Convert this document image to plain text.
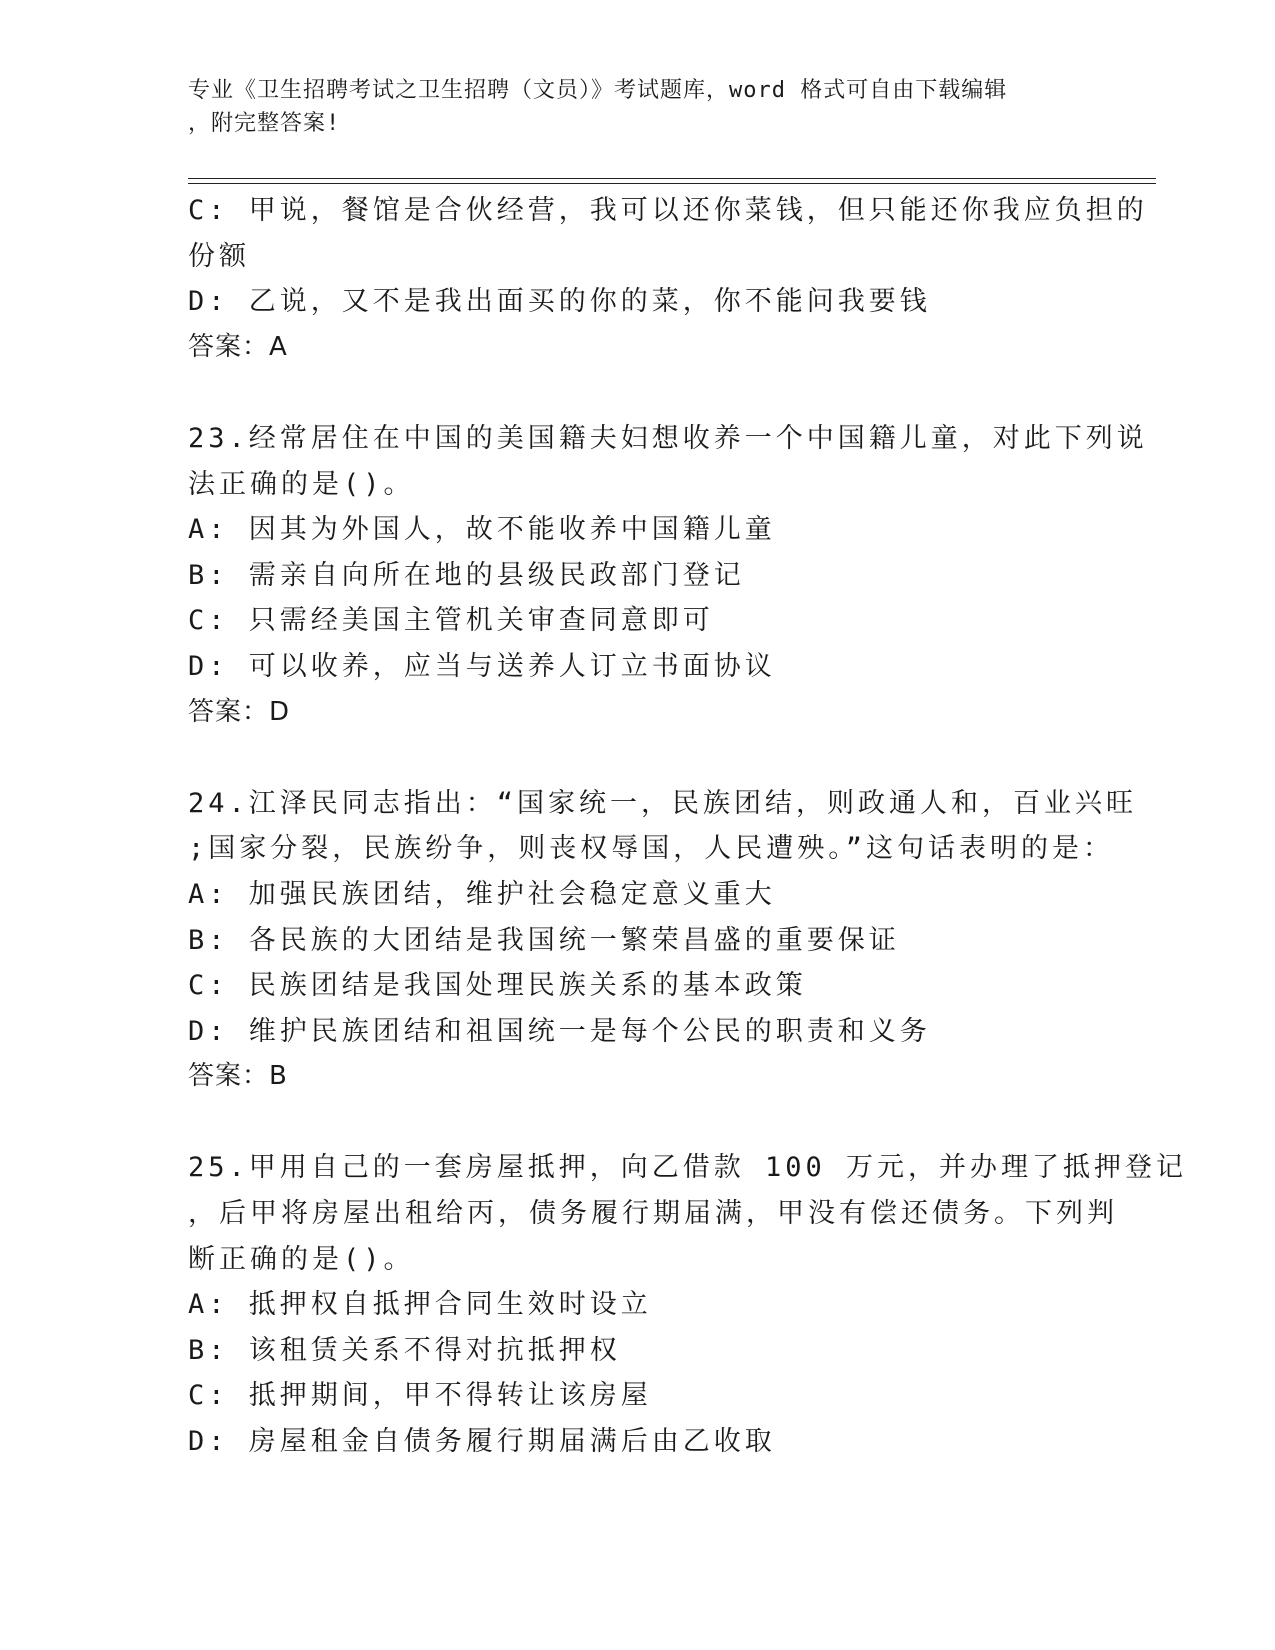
专业《卫生招聘考试之卫生招聘（文员）》考试题库，word 格式可自由下载编辑
，附完整答案!
C: 甲说，餐馆是合伙经营，我可以还你菜钱，但只能还你我应负担的
份额
D: 乙说，又不是我出面买的你的菜，你不能问我要钱
答案：A
23.经常居住在中国的美国籍夫妇想收养一个中国籍儿童，对此下列说
法正确的是()。
A: 因其为外国人，故不能收养中国籍儿童
B: 需亲自向所在地的县级民政部门登记
C: 只需经美国主管机关审查同意即可
D: 可以收养，应当与送养人订立书面协议
答案：D
24.江泽民同志指出：“国家统一，民族团结，则政通人和，百业兴旺
;国家分裂，民族纷争，则丧权辱国，人民遭殃。”这句话表明的是：
A: 加强民族团结，维护社会稳定意义重大
B: 各民族的大团结是我国统一繁荣昌盛的重要保证
C: 民族团结是我国处理民族关系的基本政策
D: 维护民族团结和祖国统一是每个公民的职责和义务
答案：B
25.甲用自己的一套房屋抵押，向乙借款 100 万元，并办理了抵押登记
，后甲将房屋出租给丙，债务履行期届满，甲没有偿还债务。下列判
断正确的是()。
A: 抵押权自抵押合同生效时设立
B: 该租赁关系不得对抗抵押权
C: 抵押期间，甲不得转让该房屋
D: 房屋租金自债务履行期届满后由乙收取
